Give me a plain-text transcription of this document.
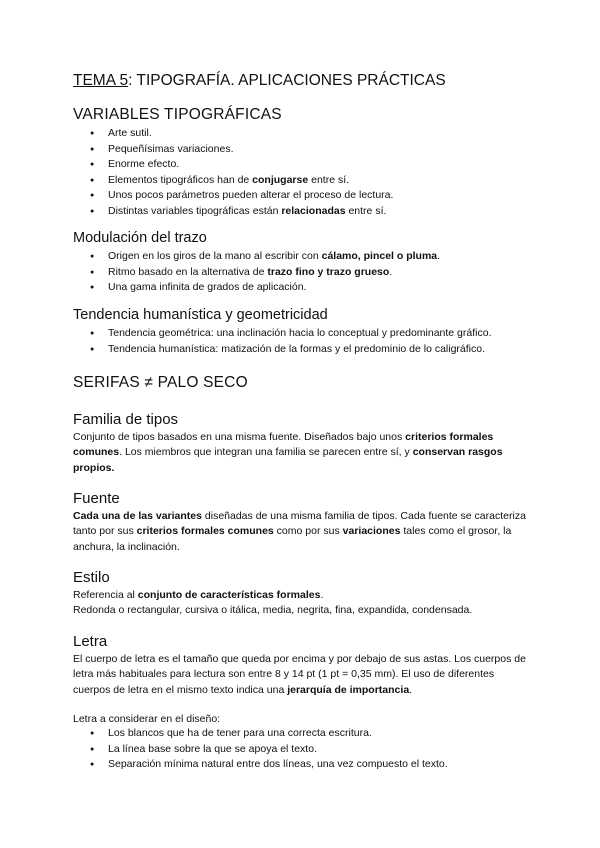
TEMA 5: TIPOGRAFÍA. APLICACIONES PRÁCTICAS
VARIABLES TIPOGRÁFICAS
● Arte sutil.
● Pequeñísimas variaciones.
● Enorme efecto.
● Elementos tipográficos han de conjugarse entre sí.
● Unos pocos parámetros pueden alterar el proceso de lectura.
● Distintas variables tipográficas están relacionadas entre sí.
Modulación del trazo
● Origen en los giros de la mano al escribir con cálamo, pincel o pluma.
● Ritmo basado en la alternativa de trazo fino y trazo grueso.
● Una gama infinita de grados de aplicación.
Tendencia humanística y geometricidad
● Tendencia geométrica: una inclinación hacia lo conceptual y predominante gráfico.
● Tendencia humanística: matización de la formas y el predominio de lo caligráfico.
SERIFAS ≠ PALO SECO
Familia de tipos

Conjunto de tipos basados en una misma fuente. Diseñados bajo unos criterios formales comunes. Los miembros que integran una familia se parecen entre sí, y conservan rasgos propios.

Fuente

Cada una de las variantes diseñadas de una misma familia de tipos. Cada fuente se caracteriza tanto por sus criterios formales comunes como por sus variaciones tales como el grosor, la anchura, la inclinación.

Estilo

Referencia al conjunto de características formales.
Redonda o rectangular, cursiva o itálica, media, negrita, fina, expandida, condensada.

Letra

El cuerpo de letra es el tamaño que queda por encima y por debajo de sus astas. Los cuerpos de letra más habituales para lectura son entre 8 y 14 pt (1 pt = 0,35 mm). El uso de diferentes cuerpos de letra en el mismo texto indica una jerarquía de importancia.

Letra a considerar en el diseño:

● Los blancos que ha de tener para una correcta escritura.
● La línea base sobre la que se apoya el texto.
● Separación mínima natural entre dos líneas, una vez compuesto el texto.
